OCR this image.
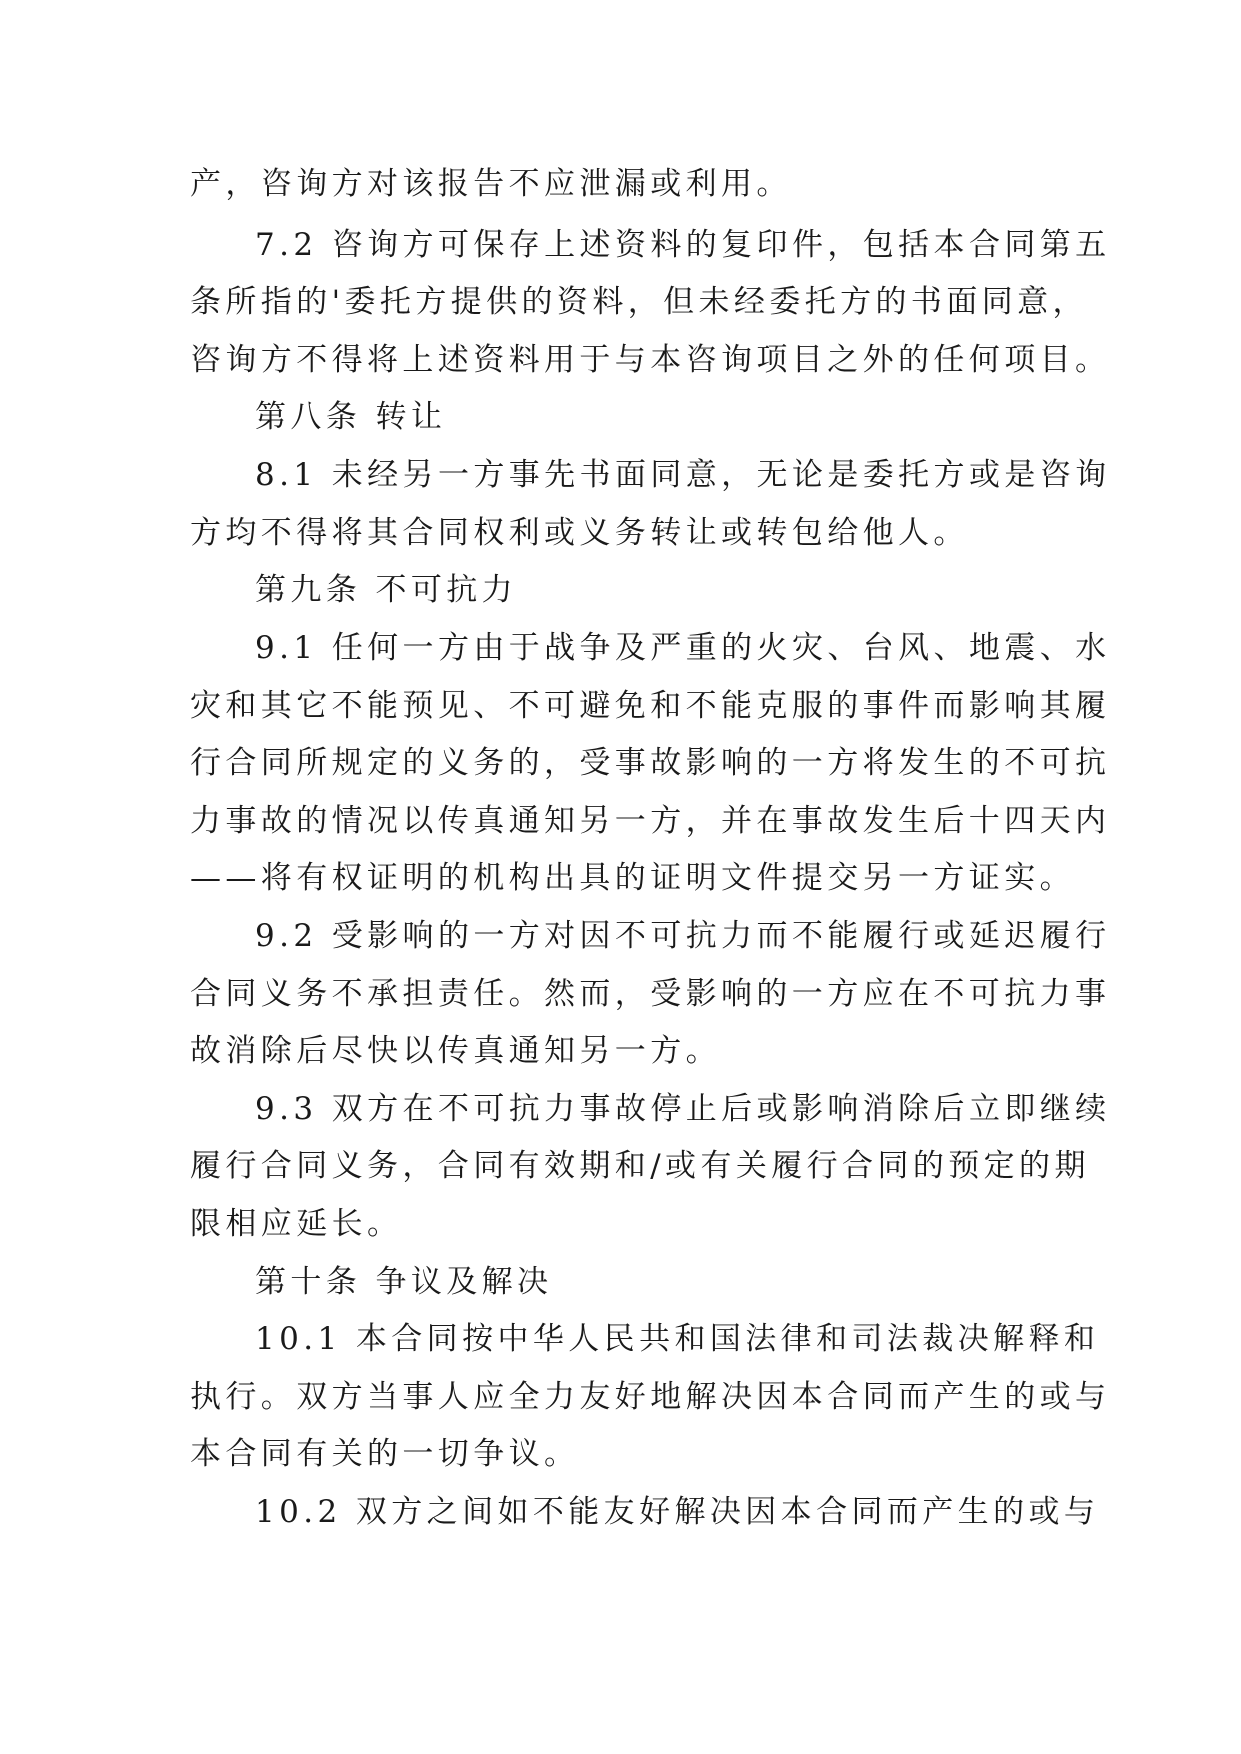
产，咨询方对该报告不应泄漏或利用。
7.2 咨询方可保存上述资料的复印件，包括本合同第五
条所指的'委托方提供的资料，但未经委托方的书面同意，
咨询方不得将上述资料用于与本咨询项目之外的任何项目。
第八条 转让
8.1 未经另一方事先书面同意，无论是委托方或是咨询
方均不得将其合同权利或义务转让或转包给他人。
第九条 不可抗力
9.1 任何一方由于战争及严重的火灾、台风、地震、水
灾和其它不能预见、不可避免和不能克服的事件而影响其履
行合同所规定的义务的，受事故影响的一方将发生的不可抗
力事故的情况以传真通知另一方，并在事故发生后十四天内
——将有权证明的机构出具的证明文件提交另一方证实。
9.2 受影响的一方对因不可抗力而不能履行或延迟履行
合同义务不承担责任。然而，受影响的一方应在不可抗力事
故消除后尽快以传真通知另一方。
9.3 双方在不可抗力事故停止后或影响消除后立即继续
履行合同义务，合同有效期和/或有关履行合同的预定的期
限相应延长。
第十条 争议及解决
10.1 本合同按中华人民共和国法律和司法裁决解释和
执行。双方当事人应全力友好地解决因本合同而产生的或与
本合同有关的一切争议。
10.2 双方之间如不能友好解决因本合同而产生的或与
